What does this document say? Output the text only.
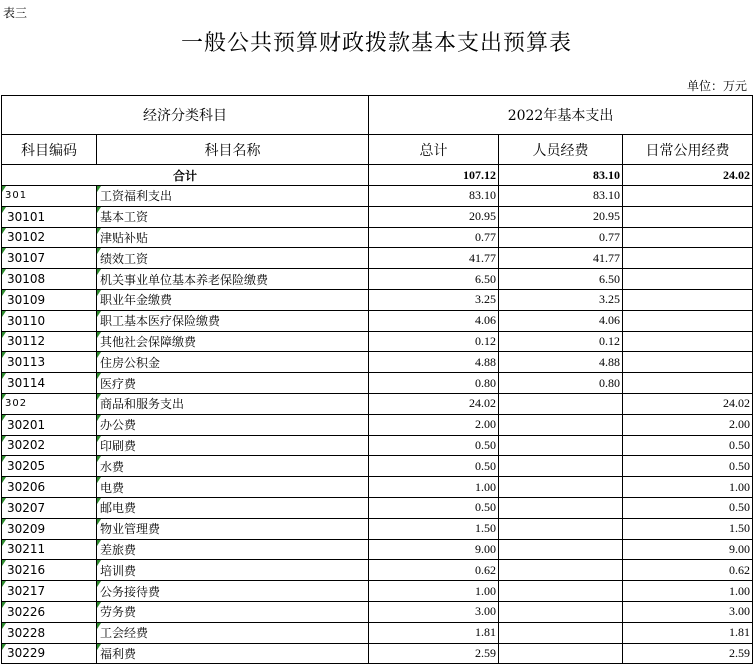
表三
一般公共预算财政拨款基本支出预算表
单位：万元
经济分类科目		2022年基本支出		
科目编码	科目名称	总计	人员经费	日常公用经费
合计		107.12	83.10	24.02
301	工资福利支出	83.10	83.10	
30101	基本工资	20.95	20.95	
30102	津贴补贴	0.77	0.77	
30107	绩效工资	41.77	41.77	
30108	机关事业单位基本养老保险缴费	6.50	6.50	
30109	职业年金缴费	3.25	3.25	
30110	职工基本医疗保险缴费	4.06	4.06	
30112	其他社会保障缴费	0.12	0.12	
30113	住房公积金	4.88	4.88	
30114	医疗费	0.80	0.80	
302	商品和服务支出	24.02		24.02
30201	办公费	2.00		2.00
30202	印刷费	0.50		0.50
30205	水费	0.50		0.50
30206	电费	1.00		1.00
30207	邮电费	0.50		0.50
30209	物业管理费	1.50		1.50
30211	差旅费	9.00		9.00
30216	培训费	0.62		0.62
30217	公务接待费	1.00		1.00
30226	劳务费	3.00		3.00
30228	工会经费	1.81		1.81
30229	福利费	2.59		2.59
